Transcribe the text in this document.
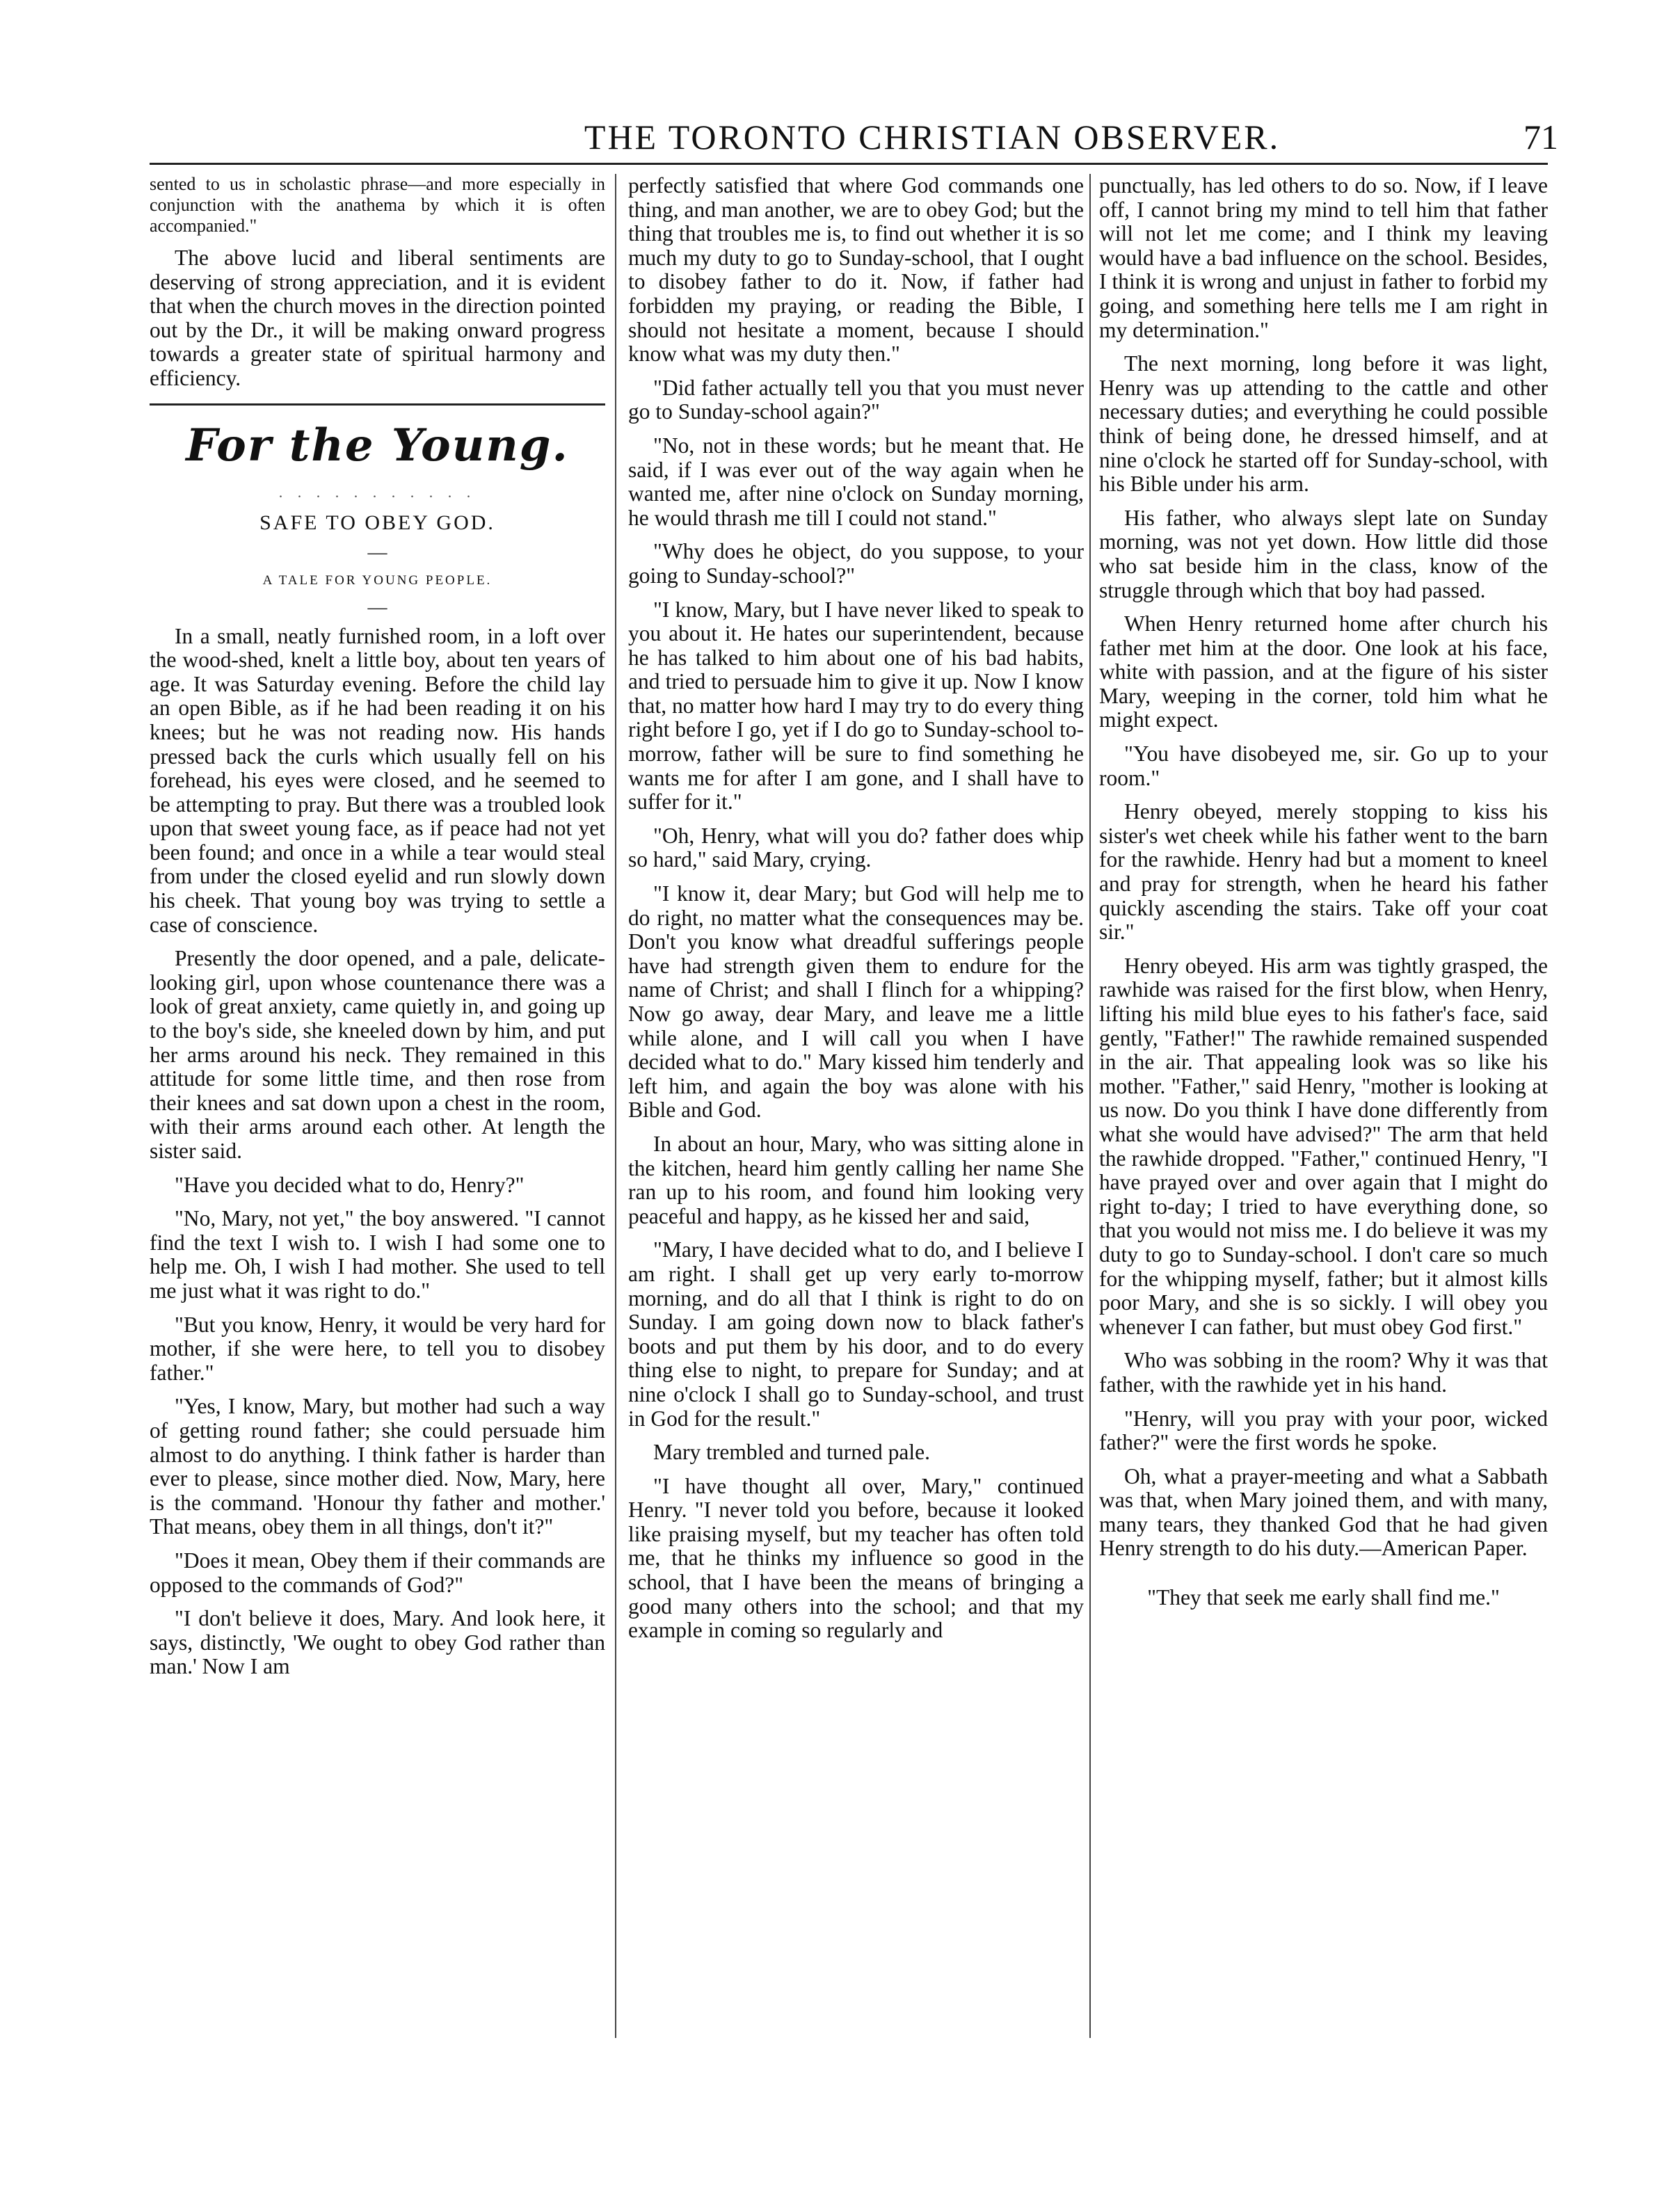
THE TORONTO CHRISTIAN OBSERVER.	71

sented to us in scholastic phrase—and more especially in conjunction with the anathema by which it is often accompanied."

The above lucid and liberal sentiments are deserving of strong appreciation, and it is evident that when the church moves in the direction pointed out by the Dr., it will be making onward progress towards a greater state of spiritual harmony and efficiency.

For the Young.
. . . . . . . . . . .
SAFE TO OBEY GOD.
—
A TALE FOR YOUNG PEOPLE.
—

In a small, neatly furnished room, in a loft over the wood-shed, knelt a little boy, about ten years of age. It was Saturday evening. Before the child lay an open Bible, as if he had been reading it on his knees; but he was not reading now. His hands pressed back the curls which usually fell on his forehead, his eyes were closed, and he seemed to be attempting to pray. But there was a troubled look upon that sweet young face, as if peace had not yet been found; and once in a while a tear would steal from under the closed eyelid and run slowly down his cheek. That young boy was trying to settle a case of conscience.

Presently the door opened, and a pale, delicate-looking girl, upon whose countenance there was a look of great anxiety, came quietly in, and going up to the boy's side, she kneeled down by him, and put her arms around his neck. They remained in this attitude for some little time, and then rose from their knees and sat down upon a chest in the room, with their arms around each other. At length the sister said.

"Have you decided what to do, Henry?"

"No, Mary, not yet," the boy answered. "I cannot find the text I wish to. I wish I had some one to help me. Oh, I wish I had mother. She used to tell me just what it was right to do."

"But you know, Henry, it would be very hard for mother, if she were here, to tell you to disobey father."

"Yes, I know, Mary, but mother had such a way of getting round father; she could persuade him almost to do anything. I think father is harder than ever to please, since mother died. Now, Mary, here is the command. 'Honour thy father and mother.' That means, obey them in all things, don't it?"

"Does it mean, Obey them if their commands are opposed to the commands of God?"

"I don't believe it does, Mary. And look here, it says, distinctly, 'We ought to obey God rather than man.' Now I am

perfectly satisfied that where God commands one thing, and man another, we are to obey God; but the thing that troubles me is, to find out whether it is so much my duty to go to Sunday-school, that I ought to disobey father to do it. Now, if father had forbidden my praying, or reading the Bible, I should not hesitate a moment, because I should know what was my duty then."

"Did father actually tell you that you must never go to Sunday-school again?"

"No, not in these words; but he meant that. He said, if I was ever out of the way again when he wanted me, after nine o'clock on Sunday morning, he would thrash me till I could not stand."

"Why does he object, do you suppose, to your going to Sunday-school?"

"I know, Mary, but I have never liked to speak to you about it. He hates our superintendent, because he has talked to him about one of his bad habits, and tried to persuade him to give it up. Now I know that, no matter how hard I may try to do every thing right before I go, yet if I do go to Sunday-school to-morrow, father will be sure to find something he wants me for after I am gone, and I shall have to suffer for it."

"Oh, Henry, what will you do? father does whip so hard," said Mary, crying.

"I know it, dear Mary; but God will help me to do right, no matter what the consequences may be. Don't you know what dreadful sufferings people have had strength given them to endure for the name of Christ; and shall I flinch for a whipping? Now go away, dear Mary, and leave me a little while alone, and I will call you when I have decided what to do." Mary kissed him tenderly and left him, and again the boy was alone with his Bible and God.

In about an hour, Mary, who was sitting alone in the kitchen, heard him gently calling her name She ran up to his room, and found him looking very peaceful and happy, as he kissed her and said,

"Mary, I have decided what to do, and I believe I am right. I shall get up very early to-morrow morning, and do all that I think is right to do on Sunday. I am going down now to black father's boots and put them by his door, and to do every thing else to night, to prepare for Sunday; and at nine o'clock I shall go to Sunday-school, and trust in God for the result."

Mary trembled and turned pale.

"I have thought all over, Mary," continued Henry. "I never told you before, because it looked like praising myself, but my teacher has often told me, that he thinks my influence so good in the school, that I have been the means of bringing a good many others into the school; and that my example in coming so regularly and

punctually, has led others to do so. Now, if I leave off, I cannot bring my mind to tell him that father will not let me come; and I think my leaving would have a bad influence on the school. Besides, I think it is wrong and unjust in father to forbid my going, and something here tells me I am right in my determination."

The next morning, long before it was light, Henry was up attending to the cattle and other necessary duties; and everything he could possible think of being done, he dressed himself, and at nine o'clock he started off for Sunday-school, with his Bible under his arm.

His father, who always slept late on Sunday morning, was not yet down. How little did those who sat beside him in the class, know of the struggle through which that boy had passed.

When Henry returned home after church his father met him at the door. One look at his face, white with passion, and at the figure of his sister Mary, weeping in the corner, told him what he might expect.

"You have disobeyed me, sir. Go up to your room."

Henry obeyed, merely stopping to kiss his sister's wet cheek while his father went to the barn for the rawhide. Henry had but a moment to kneel and pray for strength, when he heard his father quickly ascending the stairs. Take off your coat sir."

Henry obeyed. His arm was tightly grasped, the rawhide was raised for the first blow, when Henry, lifting his mild blue eyes to his father's face, said gently, "Father!" The rawhide remained suspended in the air. That appealing look was so like his mother. "Father," said Henry, "mother is looking at us now. Do you think I have done differently from what she would have advised?" The arm that held the rawhide dropped. "Father," continued Henry, "I have prayed over and over again that I might do right to-day; I tried to have everything done, so that you would not miss me. I do believe it was my duty to go to Sunday-school. I don't care so much for the whipping myself, father; but it almost kills poor Mary, and she is so sickly. I will obey you whenever I can father, but must obey God first."

Who was sobbing in the room? Why it was that father, with the rawhide yet in his hand.

"Henry, will you pray with your poor, wicked father?" were the first words he spoke.

Oh, what a prayer-meeting and what a Sabbath was that, when Mary joined them, and with many, many tears, they thanked God that he had given Henry strength to do his duty.—American Paper.

"They that seek me early shall find me."
